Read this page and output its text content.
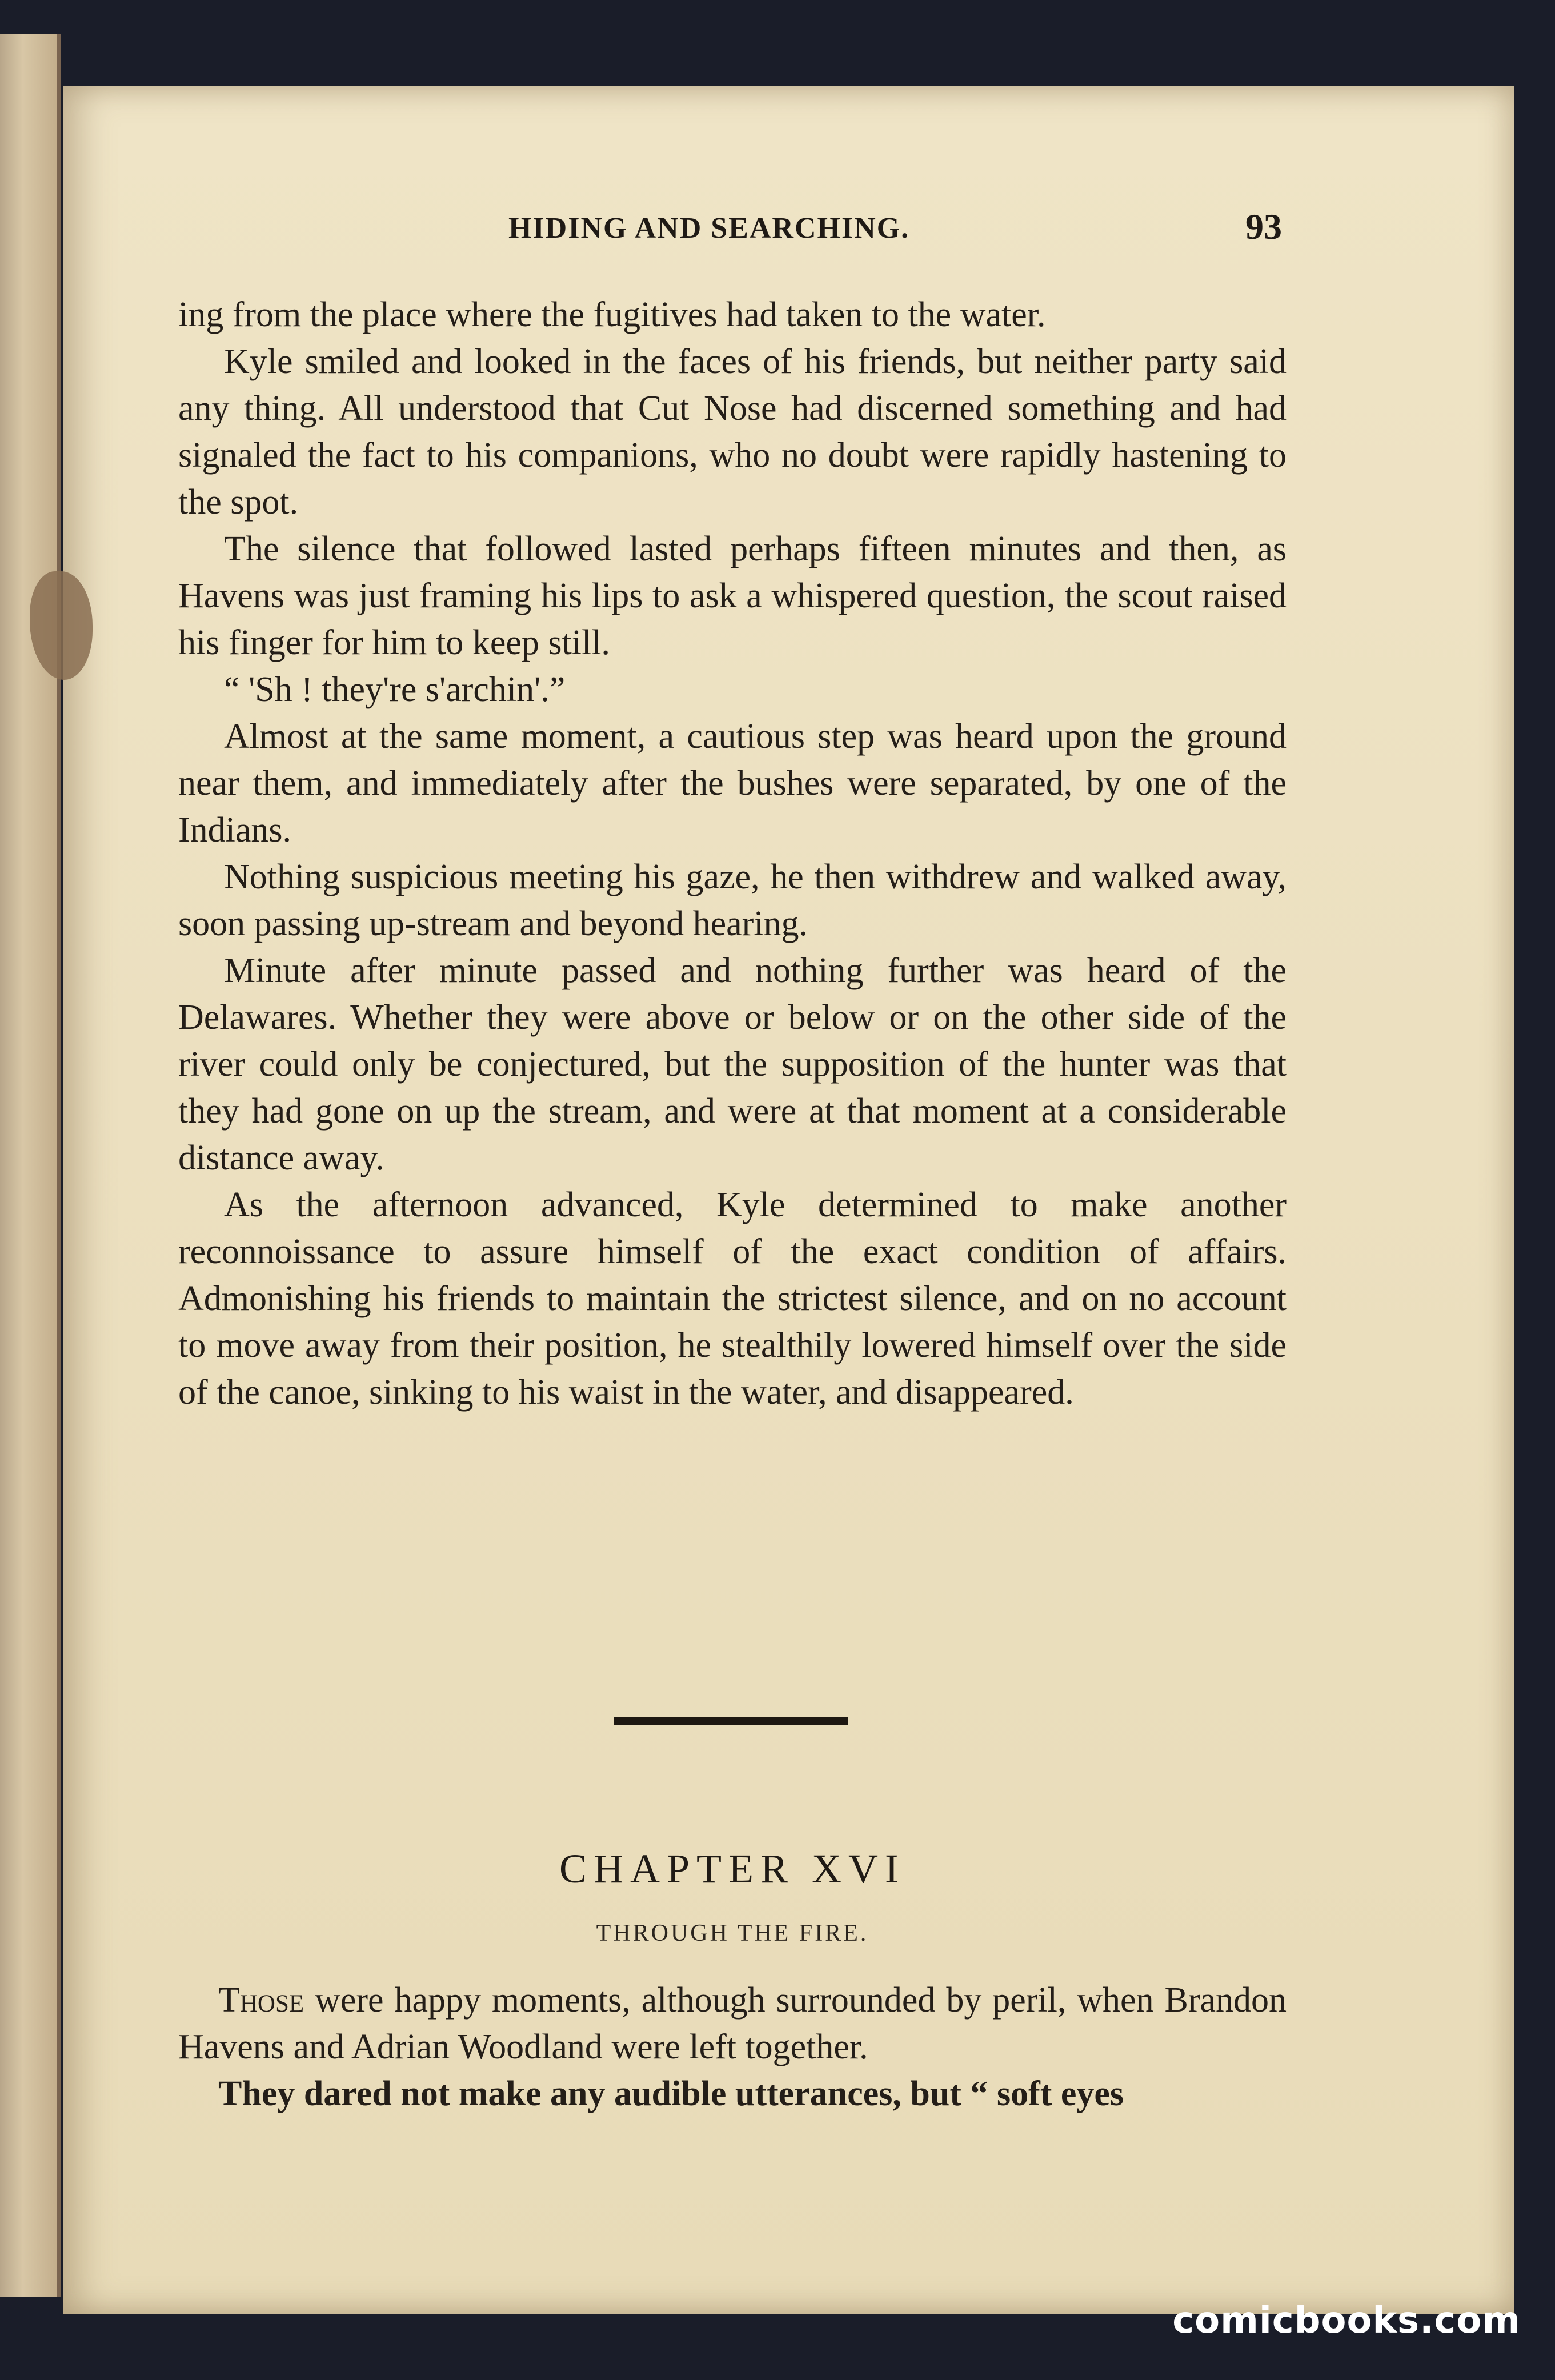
HIDING AND SEARCHING.	93

ing from the place where the fugitives had taken to the water.

Kyle smiled and looked in the faces of his friends, but neither party said any thing. All understood that Cut Nose had discerned something and had signaled the fact to his companions, who no doubt were rapidly hastening to the spot.

The silence that followed lasted perhaps fifteen minutes and then, as Havens was just framing his lips to ask a whispered question, the scout raised his finger for him to keep still.

“ 'Sh ! they're s'archin'.”

Almost at the same moment, a cautious step was heard upon the ground near them, and immediately after the bushes were separated, by one of the Indians.

Nothing suspicious meeting his gaze, he then withdrew and walked away, soon passing up-stream and beyond hearing.

Minute after minute passed and nothing further was heard of the Delawares. Whether they were above or below or on the other side of the river could only be conjectured, but the supposition of the hunter was that they had gone on up the stream, and were at that moment at a considerable distance away.

As the afternoon advanced, Kyle determined to make another reconnoissance to assure himself of the exact condition of affairs. Admonishing his friends to maintain the strictest silence, and on no account to move away from their position, he stealthily lowered himself over the side of the canoe, sinking to his waist in the water, and disappeared.

CHAPTER XVI
THROUGH THE FIRE.

Those were happy moments, although surrounded by peril, when Brandon Havens and Adrian Woodland were left together.

They dared not make any audible utterances, but “ soft eyes

comicbooks.com
